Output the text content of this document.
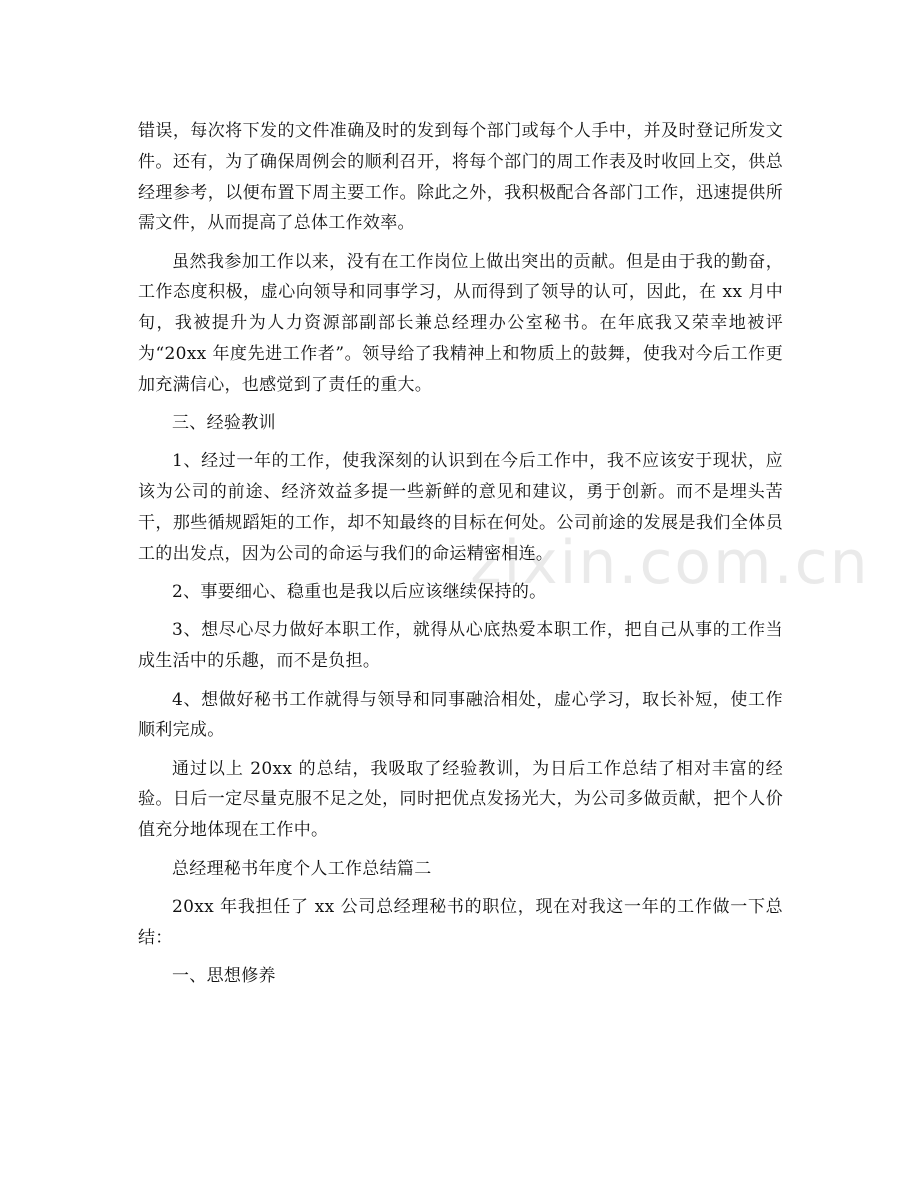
错误，每次将下发的文件准确及时的发到每个部门或每个人手中，并及时登记所发文件。还有，为了确保周例会的顺利召开，将每个部门的周工作表及时收回上交，供总经理参考，以便布置下周主要工作。除此之外，我积极配合各部门工作，迅速提供所需文件，从而提高了总体工作效率。

虽然我参加工作以来，没有在工作岗位上做出突出的贡献。但是由于我的勤奋，工作态度积极，虚心向领导和同事学习，从而得到了领导的认可，因此，在 xx 月中旬，我被提升为人力资源部副部长兼总经理办公室秘书。在年底我又荣幸地被评为“20xx 年度先进工作者”。领导给了我精神上和物质上的鼓舞，使我对今后工作更加充满信心，也感觉到了责任的重大。

三、经验教训

1、经过一年的工作，使我深刻的认识到在今后工作中，我不应该安于现状，应该为公司的前途、经济效益多提一些新鲜的意见和建议，勇于创新。而不是埋头苦干，那些循规蹈矩的工作，却不知最终的目标在何处。公司前途的发展是我们全体员工的出发点，因为公司的命运与我们的命运精密相连。

2、事要细心、稳重也是我以后应该继续保持的。

3、想尽心尽力做好本职工作，就得从心底热爱本职工作，把自己从事的工作当成生活中的乐趣，而不是负担。

4、想做好秘书工作就得与领导和同事融洽相处，虚心学习，取长补短，使工作顺利完成。

通过以上 20xx 的总结，我吸取了经验教训，为日后工作总结了相对丰富的经验。日后一定尽量克服不足之处，同时把优点发扬光大，为公司多做贡献，把个人价值充分地体现在工作中。

总经理秘书年度个人工作总结篇二

20xx 年我担任了 xx 公司总经理秘书的职位，现在对我这一年的工作做一下总结：

一、思想修养

zixin.com.cn
